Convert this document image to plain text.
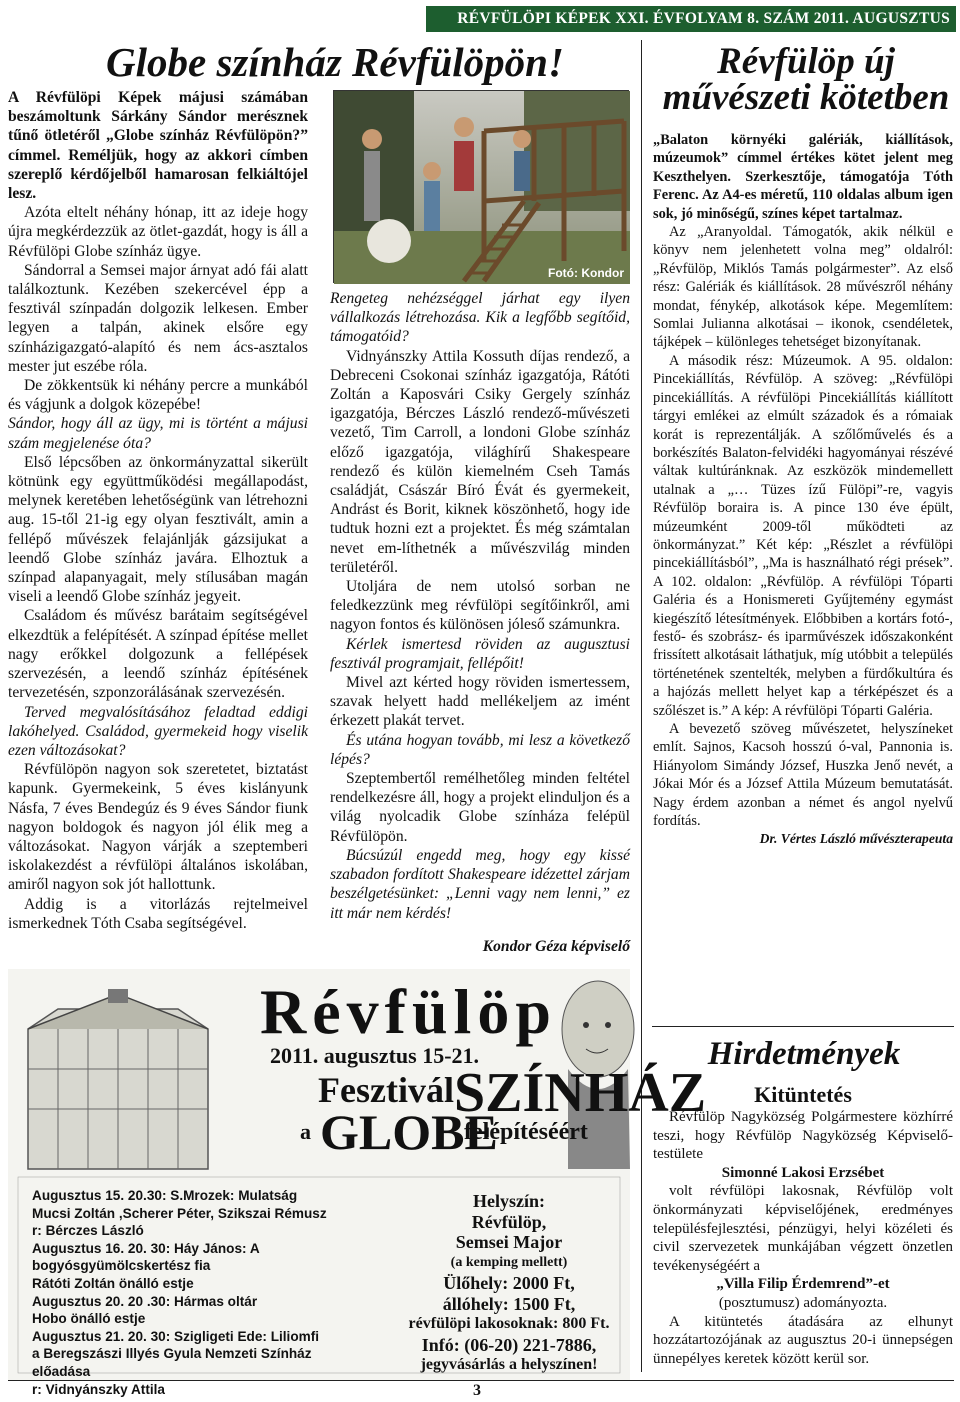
RÉVFÜLÖPI KÉPEK XXI. ÉVFOLYAM 8. SZÁM 2011. AUGUSZTUS
Globe színház Révfülöpön!

A Révfülöpi Képek májusi számában beszámoltunk Sárkány Sándor merésznek tűnő ötletéről „Globe színház Révfülöpön?” címmel. Reméljük, hogy az akkori címben szereplő kérdőjelből hamarosan felkiáltójel lesz.

Azóta eltelt néhány hónap, itt az ideje hogy újra megkérdezzük az ötlet-gazdát, hogy is áll a Révfülöpi Globe színház ügye.

Sándorral a Semsei major árnyat adó fái alatt találkoztunk. Kezében szekercével épp a fesztivál színpadán dolgozik lelkesen. Ember legyen a talpán, akinek elsőre egy színházigazgató-alapító és nem ács-asztalos mester jut eszébe róla.

De zökkentsük ki néhány percre a munkából és vágjunk a dolgok közepébe!

Sándor, hogy áll az ügy, mi is történt a májusi szám megjelenése óta?

Első lépcsőben az önkormányzattal sikerült kötnünk egy együttműködési megállapodást, melynek keretében lehetőségünk van létrehozni aug. 15-től 21-ig egy olyan fesztivált, amin a fellépő művészek felajánlják gázsijukat a leendő Globe színház javára. Elhoztuk a színpad alapanyagait, mely stílusában magán viseli a leendő Globe színház jegyeit.

Családom és művész barátaim segítségével elkezdtük a felépítését. A színpad építése mellet nagy erőkkel dolgozunk a fellépések szervezésén, a leendő színház építésének tervezetésén, szponzorálásának szervezésén.

Terved megvalósításához feladtad eddigi lakóhelyed. Családod, gyermekeid hogy viselik ezen változásokat?

Révfülöpön nagyon sok szeretetet, biztatást kapunk. Gyermekeink, 5 éves kislányunk Násfa, 7 éves Bendegúz és 9 éves Sándor fiunk nagyon boldogok és nagyon jól élik meg a változásokat. Nagyon várják a szeptemberi iskolakezdést a révfülöpi általános iskolában, amiről nagyon sok jót hallottunk.

Addig is a vitorlázás rejtelmeivel ismerkednek Tóth Csaba segítségével.

Fotó: Kondor

Rengeteg nehézséggel járhat egy ilyen vállalkozás létrehozása. Kik a legfőbb segítőid, támogatóid?

Vidnyánszky Attila Kossuth díjas rendező, a Debreceni Csokonai színház igazgatója, Rátóti Zoltán a Kaposvári Csiky Gergely színház igazgatója, Bérczes László rendező-művészeti vezető, Tim Carroll, a londoni Globe színház előző igazgatója, világhírű Shakespeare rendező és külön kiemelném Cseh Tamás családját, Császár Bíró Évát és gyermekeit, Andrást és Borit, kiknek köszönhető, hogy ide tudtuk hozni ezt a projektet. És még számtalan nevet em-líthetnék a művészvilág minden területéről.

Utoljára de nem utolsó sorban ne feledkezzünk meg révfülöpi segítőinkről, ami nagyon fontos és különösen jóleső számunkra.

Kérlek ismertesd röviden az augusztusi fesztivál programjait, fellépőit!

Mivel azt kérted hogy röviden ismertessem, szavak helyett hadd mellékeljem az imént érkezett plakát tervet.

És utána hogyan tovább, mi lesz a következő lépés?

Szeptembertől remélhetőleg minden feltétel rendelkezésre áll, hogy a projekt elinduljon és a világ nyolcadik Globe színháza felépül Révfülöpön.

Búcsúzúl engedd meg, hogy egy kissé szabadon fordított Shakespeare idézettel zárjam beszélgetésünket: „Lenni vagy nem lenni,” ez itt már nem kérdés!

Kondor Géza képviselő

Révfülöp
2011. augusztus 15-21.
Fesztivál
a GLOBE
SZÍNHÁZ
felépítéséért
Augusztus 15. 20.30: S.Mrozek: Mulatság
Mucsi Zoltán ,Scherer Péter, Szikszai Rémusz
r: Bérczes László
Augusztus 16. 20. 30: Háy János: A bogyósgyümölcskertész fia
Rátóti Zoltán önálló estje
Augusztus 20. 20 .30: Hármas oltár
Hobo önálló estje
Augusztus 21. 20. 30: Szigligeti Ede: Liliomfi
a Beregszászi Illyés Gyula Nemzeti Színház előadása
r: Vidnyánszky Attila
Helyszín:
Révfülöp,
Semsei Major
(a kemping mellett)
Ülőhely: 2000 Ft,
állóhely: 1500 Ft,
révfülöpi lakosoknak: 800 Ft.
Infó: (06-20) 221-7886,
jegyvásárlás a helyszínen!
Révfülöp új művészeti kötetben

„Balaton környéki galériák, kiállítások, múzeumok” címmel értékes kötet jelent meg Keszthelyen. Szerkesztője, támogatója Tóth Ferenc. Az A4-es méretű, 110 oldalas album igen sok, jó minőségű, színes képet tartalmaz.

Az „Aranyoldal. Támogatók, akik nélkül e könyv nem jelenhetett volna meg” oldalról: „Révfülöp, Miklós Tamás polgármester”. Az első rész: Galériák és kiállítások. 28 művészről néhány mondat, fénykép, alkotások képe. Megemlítem: Somlai Julianna alkotásai – ikonok, csendéletek, tájképek – különleges tehetséget bizonyítanak.

A második rész: Múzeumok. A 95. oldalon: Pincekiállítás, Révfülöp. A szöveg: „Révfülöpi pincekiállítás. A révfülöpi Pincekiállítás kiállított tárgyi emlékei az elmúlt századok és a rómaiak korát is reprezentálják. A szőlőművelés és a borkészítés Balaton-felvidéki hagyományai részévé váltak kultúránknak. Az eszközök mindemellett utalnak a „… Tüzes ízű Fülöpi”-re, vagyis Révfülöp boraira is. A pince 130 éve épült, múzeumként 2009-től működteti az önkormányzat.” Két kép: „Részlet a révfülöpi pincekiállításból”, „Ma is használható régi prések”. A 102. oldalon: „Révfülöp. A révfülöpi Tóparti Galéria és a Honismereti Gyűjtemény egymást kiegészítő létesítmények. Előbbiben a kortárs fotó-, festő- és szobrász- és iparművészek időszakonként frissített alkotásait láthatjuk, míg utóbbit a település történetének szentelték, melyben a fürdőkultúra és a hajózás mellett helyet kap a térképészet és a szőlészet is.” A kép: A révfülöpi Tóparti Galéria.

A bevezető szöveg művészetet, helyszíneket említ. Sajnos, Kacsoh hosszú ó-val, Pannonia is. Hiányolom Simándy József, Huszka Jenő nevét, a Jókai Mór és a József Attila Múzeum bemutatását. Nagy érdem azonban a német és angol nyelvű fordítás.

Dr. Vértes László művészterapeuta

Hirdetmények

Kitüntetés

Révfülöp Nagyközség Polgármestere közhírré teszi, hogy Révfülöp Nagyközség Képviselő-testülete

Simonné Lakosi Erzsébet

volt révfülöpi lakosnak, Révfülöp volt önkormányzati képviselőjének, eredményes településfejlesztési, pénzügyi, helyi közéleti és civil szervezetek munkájában végzett önzetlen tevékenységéért a

„Villa Filip Érdemrend”-et

(posztumusz) adományozta.

A kitüntetés átadására az elhunyt hozzátartozójának az augusztus 20-i ünnepségen ünnepélyes keretek között kerül sor.

3
